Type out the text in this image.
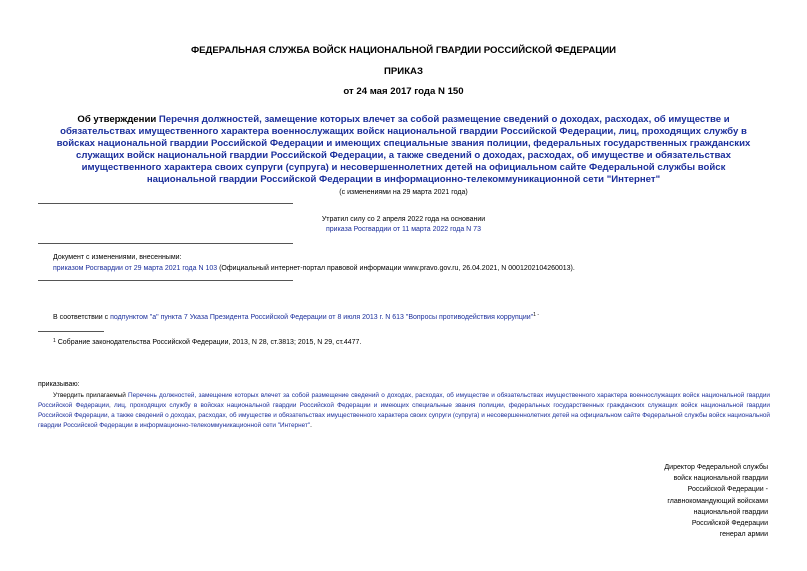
ФЕДЕРАЛЬНАЯ СЛУЖБА ВОЙСК НАЦИОНАЛЬНОЙ ГВАРДИИ РОССИЙСКОЙ ФЕДЕРАЦИИ
ПРИКАЗ
от 24 мая 2017 года N 150
Об утверждении Перечня должностей, замещение которых влечет за собой размещение сведений о доходах, расходах, об имуществе и обязательствах имущественного характера военнослужащих войск национальной гвардии Российской Федерации, лиц, проходящих службу в войсках национальной гвардии Российской Федерации и имеющих специальные звания полиции, федеральных государственных гражданских служащих войск национальной гвардии Российской Федерации, а также сведений о доходах, расходах, об имуществе и обязательствах имущественного характера своих супруги (супруга) и несовершеннолетних детей на официальном сайте Федеральной службы войск национальной гвардии Российской Федерации в информационно-телекоммуникационной сети "Интернет"
(с изменениями на 29 марта 2021 года)
Утратил силу со 2 апреля 2022 года на основании
приказа Росгвардии от 11 марта 2022 года N 73
Документ с изменениями, внесенными:
приказом Росгвардии от 29 марта 2021 года N 103 (Официальный интернет-портал правовой информации www.pravo.gov.ru, 26.04.2021, N 0001202104260013).
В соответствии с подпунктом "а" пункта 7 Указа Президента Российской Федерации от 8 июля 2013 г. N 613 "Вопросы противодействия коррупции"$^{1 -}$
$^1$ Собрание законодательства Российской Федерации, 2013, N 28, ст.3813; 2015, N 29, ст.4477.
приказываю:
Утвердить прилагаемый Перечень должностей, замещение которых влечет за собой размещение сведений о доходах, расходах, об имуществе и обязательствах имущественного характера военнослужащих войск национальной гвардии Российской Федерации, лиц, проходящих службу в войсках национальной гвардии Российской Федерации и имеющих специальные звания полиции, федеральных государственных гражданских служащих войск национальной гвардии Российской Федерации, а также сведений о доходах, расходах, об имуществе и обязательствах имущественного характера своих супруги (супруга) и несовершеннолетних детей на официальном сайте Федеральной службы войск национальной гвардии Российской Федерации в информационно-телекоммуникационной сети "Интернет".
Директор Федеральной службы
войск национальной гвардии
Российской Федерации -
главнокомандующий войсками
национальной гвардии
Российской Федерации
генерал армии
